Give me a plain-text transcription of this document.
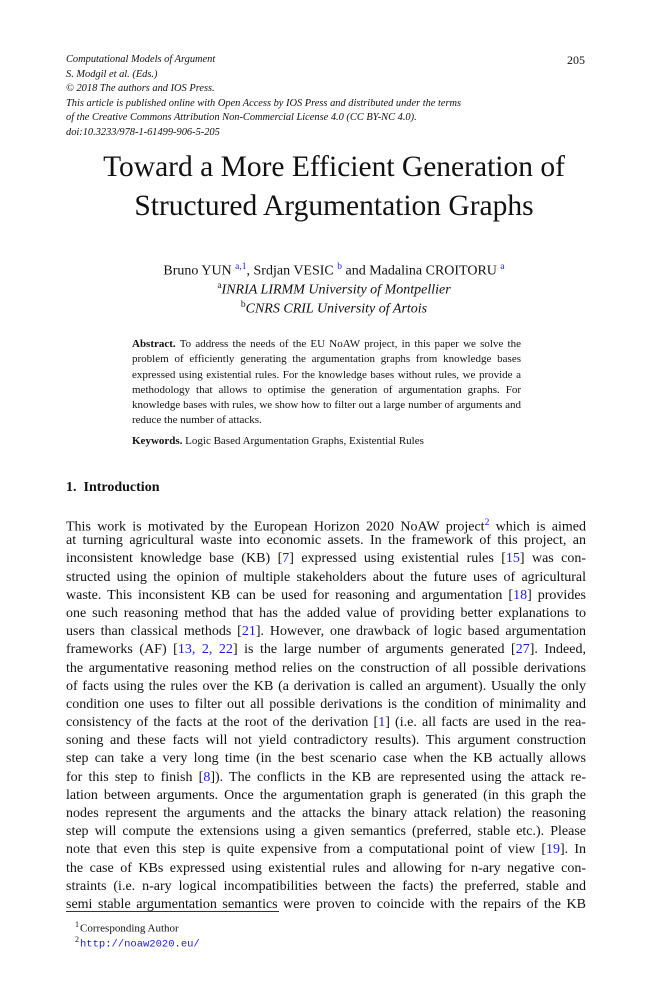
Computational Models of Argument
S. Modgil et al. (Eds.)
© 2018 The authors and IOS Press.
This article is published online with Open Access by IOS Press and distributed under the terms
of the Creative Commons Attribution Non-Commercial License 4.0 (CC BY-NC 4.0).
doi:10.3233/978-1-61499-906-5-205
205
Toward a More Efficient Generation of
Structured Argumentation Graphs
Bruno YUN $^{a,1}$, Srdjan VESIC $^b$ and Madalina CROITORU $^a$
$^a$INRIA LIRMM University of Montpellier
$^b$CNRS CRIL University of Artois
Abstract. To address the needs of the EU NoAW project, in this paper we solve the problem of efficiently generating the argumentation graphs from knowledge bases expressed using existential rules. For the knowledge bases without rules, we provide a methodology that allows to optimise the generation of argumentation graphs. For knowledge bases with rules, we show how to filter out a large number of arguments and reduce the number of attacks.
Keywords. Logic Based Argumentation Graphs, Existential Rules
1. Introduction
This work is motivated by the European Horizon 2020 NoAW project$^2$ which is aimed
at turning agricultural waste into economic assets. In the framework of this project, an
inconsistent knowledge base (KB) [7] expressed using existential rules [15] was con-
structed using the opinion of multiple stakeholders about the future uses of agricultural
waste. This inconsistent KB can be used for reasoning and argumentation [18] provides
one such reasoning method that has the added value of providing better explanations to
users than classical methods [21]. However, one drawback of logic based argumentation
frameworks (AF) [13, 2, 22] is the large number of arguments generated [27]. Indeed,
the argumentative reasoning method relies on the construction of all possible derivations
of facts using the rules over the KB (a derivation is called an argument). Usually the only
condition one uses to filter out all possible derivations is the condition of minimality and
consistency of the facts at the root of the derivation [1] (i.e. all facts are used in the rea-
soning and these facts will not yield contradictory results). This argument construction
step can take a very long time (in the best scenario case when the KB actually allows
for this step to finish [8]). The conflicts in the KB are represented using the attack re-
lation between arguments. Once the argumentation graph is generated (in this graph the
nodes represent the arguments and the attacks the binary attack relation) the reasoning
step will compute the extensions using a given semantics (preferred, stable etc.). Please
note that even this step is quite expensive from a computational point of view [19]. In
the case of KBs expressed using existential rules and allowing for n-ary negative con-
straints (i.e. n-ary logical incompatibilities between the facts) the preferred, stable and
semi stable argumentation semantics were proven to coincide with the repairs of the KB
$^1$Corresponding Author
$^2$http://noaw2020.eu/
